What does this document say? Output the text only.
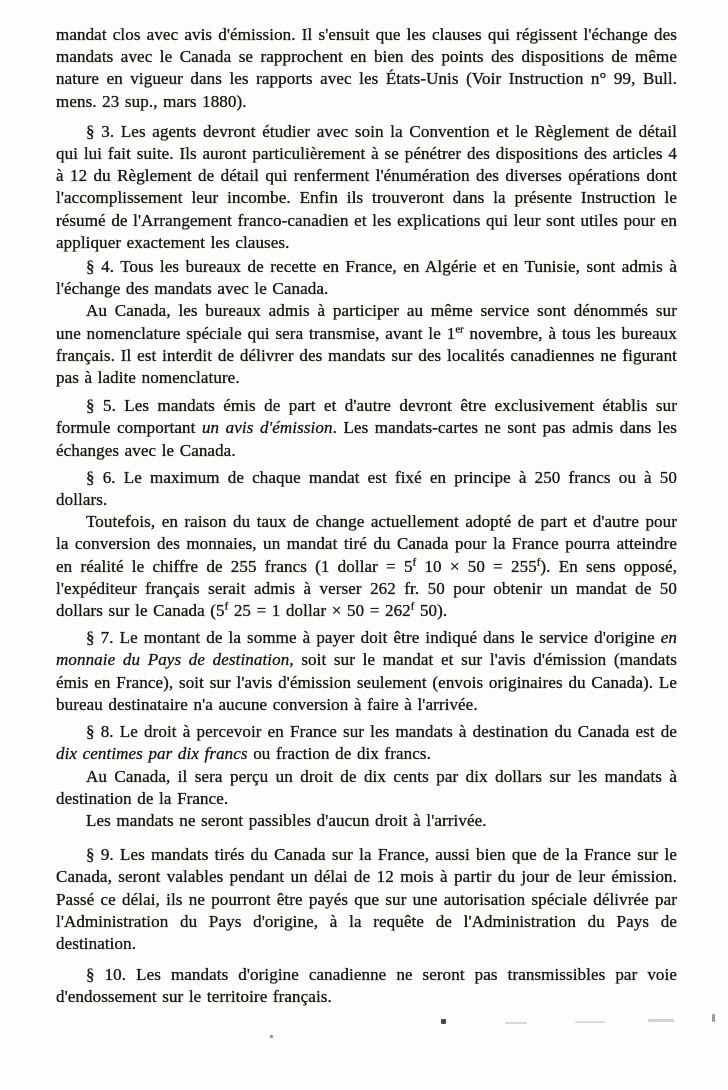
mandat clos avec avis d'émission. Il s'ensuit que les clauses qui régissent l'échange des mandats avec le Canada se rapprochent en bien des points des dispositions de même nature en vigueur dans les rapports avec les États-Unis (Voir Instruction n° 99, Bull. mens. 23 sup., mars 1880).

§ 3. Les agents devront étudier avec soin la Convention et le Règlement de détail qui lui fait suite. Ils auront particulièrement à se pénétrer des dispositions des articles 4 à 12 du Règlement de détail qui renferment l'énumération des diverses opérations dont l'accomplissement leur incombe. Enfin ils trouveront dans la présente Instruction le résumé de l'Arrangement franco-canadien et les explications qui leur sont utiles pour en appliquer exactement les clauses.

§ 4. Tous les bureaux de recette en France, en Algérie et en Tunisie, sont admis à l'échange des mandats avec le Canada.

Au Canada, les bureaux admis à participer au même service sont dénommés sur une nomenclature spéciale qui sera transmise, avant le 1er novembre, à tous les bureaux français. Il est interdit de délivrer des mandats sur des localités canadiennes ne figurant pas à ladite nomenclature.

§ 5. Les mandats émis de part et d'autre devront être exclusivement établis sur formule comportant un avis d'émission. Les mandats-cartes ne sont pas admis dans les échanges avec le Canada.

§ 6. Le maximum de chaque mandat est fixé en principe à 250 francs ou à 50 dollars.

Toutefois, en raison du taux de change actuellement adopté de part et d'autre pour la conversion des monnaies, un mandat tiré du Canada pour la France pourra atteindre en réalité le chiffre de 255 francs (1 dollar = $5^f$ $10 \times 50 = 255^f$). En sens opposé, l'expéditeur français serait admis à verser 262 fr. 50 pour obtenir un mandat de 50 dollars sur le Canada (5$^f$ 25 = 1 dollar × $50 = 262^f$ 50).

§ 7. Le montant de la somme à payer doit être indiqué dans le service d'origine en monnaie du Pays de destination, soit sur le mandat et sur l'avis d'émission (mandats émis en France), soit sur l'avis d'émission seulement (envois originaires du Canada). Le bureau destinataire n'a aucune conversion à faire à l'arrivée.

§ 8. Le droit à percevoir en France sur les mandats à destination du Canada est de dix centimes par dix francs ou fraction de dix francs.

Au Canada, il sera perçu un droit de dix cents par dix dollars sur les mandats à destination de la France.

Les mandats ne seront passibles d'aucun droit à l'arrivée.

§ 9. Les mandats tirés du Canada sur la France, aussi bien que de la France sur le Canada, seront valables pendant un délai de 12 mois à partir du jour de leur émission. Passé ce délai, ils ne pourront être payés que sur une autorisation spéciale délivrée par l'Administration du Pays d'origine, à la requête de l'Administration du Pays de destination.

§ 10. Les mandats d'origine canadienne ne seront pas transmissibles par voie d'endossement sur le territoire français.
